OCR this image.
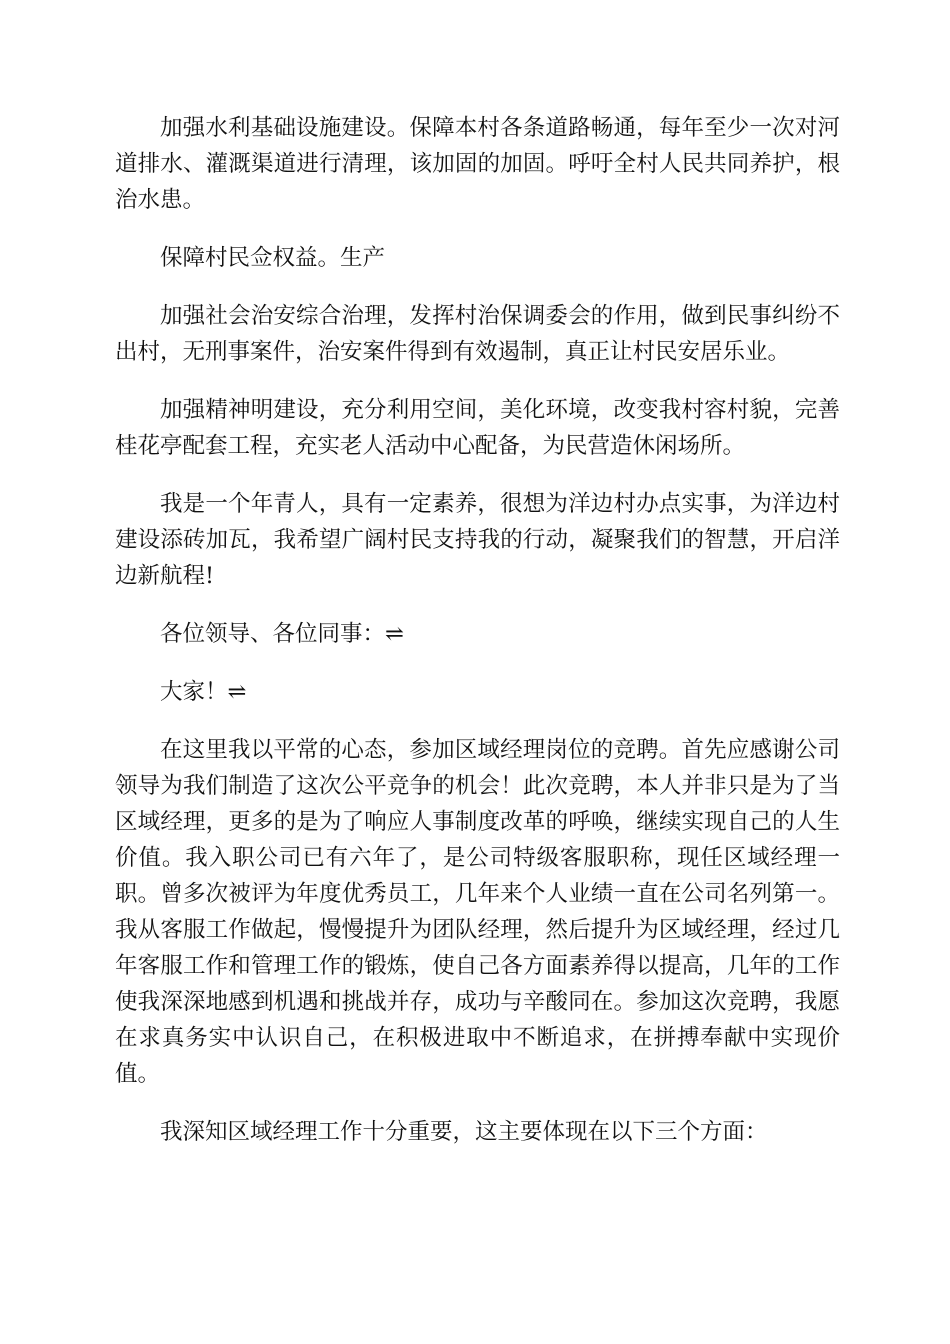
加强水利基础设施建设。保障本村各条道路畅通，每年至少一次对河道排水、灌溉渠道进行清理，该加固的加固。呼吁全村人民共同养护，根治水患。

保障村民佥权益。生产

加强社会治安综合治理，发挥村治保调委会的作用，做到民事纠纷不出村，无刑事案件，治安案件得到有效遏制，真正让村民安居乐业。

加强精神明建设，充分利用空间，美化环境，改变我村容村貌，完善桂花亭配套工程，充实老人活动中心配备，为民营造休闲场所。

我是一个年青人，具有一定素养，很想为洋边村办点实事，为洋边村建设添砖加瓦，我希望广阔村民支持我的行动，凝聚我们的智慧，开启洋边新航程!

各位领导、各位同事：⇌

大家！⇌

在这里我以平常的心态，参加区域经理岗位的竞聘。首先应感谢公司领导为我们制造了这次公平竞争的机会！此次竞聘，本人并非只是为了当区域经理，更多的是为了响应人事制度改革的呼唤，继续实现自己的人生价值。我入职公司已有六年了，是公司特级客服职称，现任区域经理一职。曾多次被评为年度优秀员工，几年来个人业绩一直在公司名列第一。我从客服工作做起，慢慢提升为团队经理，然后提升为区域经理，经过几年客服工作和管理工作的锻炼，使自己各方面素养得以提高，几年的工作使我深深地感到机遇和挑战并存，成功与辛酸同在。参加这次竞聘，我愿在求真务实中认识自己，在积极进取中不断追求，在拼搏奉献中实现价值。

我深知区域经理工作十分重要，这主要体现在以下三个方面：
